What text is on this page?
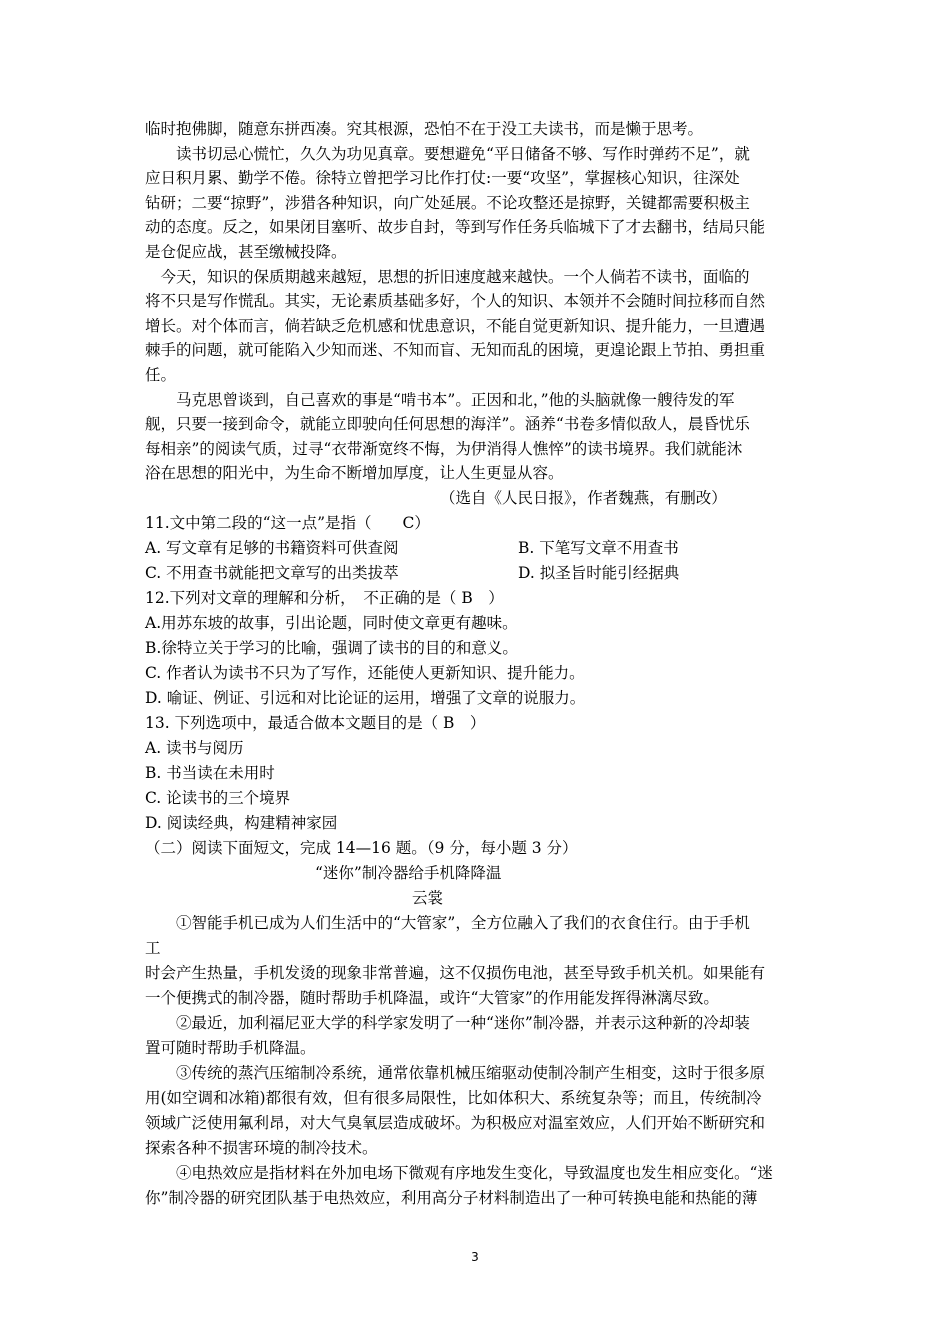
临时抱佛脚，随意东拼西凑。究其根源，恐怕不在于没工夫读书，而是懒于思考。
　　读书切忌心慌忙，久久为功见真章。要想避免“平日储备不够、写作时弹药不足”，就
应日积月累、勤学不倦。徐特立曾把学习比作打仗:一要“攻坚”，掌握核心知识，往深处
钻研；二要“掠野”，涉猎各种知识，向广处延展。不论攻整还是掠野，关键都需要积极主
动的态度。反之，如果闭目塞听、故步自封，等到写作任务兵临城下了才去翻书，结局只能
是仓促应战，甚至缴械投降。
　今天，知识的保质期越来越短，思想的折旧速度越来越快。一个人倘若不读书，面临的
将不只是写作慌乱。其实，无论素质基础多好，个人的知识、本领并不会随时间拉移而自然
增长。对个体而言，倘若缺乏危机感和忧患意识，不能自觉更新知识、提升能力，一旦遭遇
棘手的问题，就可能陷入少知而迷、不知而盲、无知而乱的困境，更遑论跟上节拍、勇担重
任。
　　马克思曾谈到，自己喜欢的事是“啃书本”。正因和北，”他的头脑就像一艘待发的军
舰，只要一接到命令，就能立即驶向任何思想的海洋”。涵养“书卷多情似敌人，晨昏忧乐
每相亲”的阅读气质，过寻“衣带渐宽终不悔，为伊消得人憔悴”的读书境界。我们就能沐
浴在思想的阳光中，为生命不断增加厚度，让人生更显从容。
（选自《人民日报》，作者魏燕，有删改）
11.文中第二段的“这一点”是指（　　C）
A. 写文章有足够的书籍资料可供查阅	B. 下笔写文章不用查书
C. 不用查书就能把文章写的出类拔萃	D. 拟圣旨时能引经据典
12.下列对文章的理解和分析，　不正确的是（ B　）
A.用苏东坡的故事，引出论题，同时使文章更有趣味。
B.徐特立关于学习的比喻，强调了读书的目的和意义。
C. 作者认为读书不只为了写作，还能使人更新知识、提升能力。
D. 喻证、例证、引远和对比论证的运用，增强了文章的说服力。
13. 下列选项中，最适合做本文题目的是（ B　）
A. 读书与阅历
B. 书当读在未用时
C. 论读书的三个境界
D. 阅读经典，构建精神家园
（二）阅读下面短文，完成 14—16 题。（9 分，每小题 3 分）
“迷你”制冷器给手机降降温
云裳
　　①智能手机已成为人们生活中的“大管家”，全方位融入了我们的衣食住行。由于手机
工
时会产生热量，手机发烫的现象非常普遍，这不仅损伤电池，甚至导致手机关机。如果能有
一个便携式的制冷器，随时帮助手机降温，或许“大管家”的作用能发挥得淋漓尽致。
　　②最近，加利福尼亚大学的科学家发明了一种“迷你”制冷器，并表示这种新的冷却装
置可随时帮助手机降温。
　　③传统的蒸汽压缩制冷系统，通常依靠机械压缩驱动使制冷制产生相变，这时于很多原
用(如空调和冰箱)都很有效，但有很多局限性，比如体积大、系统复杂等；而且，传统制冷
领域广泛使用氟利昂，对大气臭氧层造成破坏。为积极应对温室效应，人们开始不断研究和
探索各种不损害环境的制冷技术。
　　④电热效应是指材料在外加电场下微观有序地发生变化，导致温度也发生相应变化。“迷
你”制冷器的研究团队基于电热效应，利用高分子材料制造出了一种可转换电能和热能的薄
3
